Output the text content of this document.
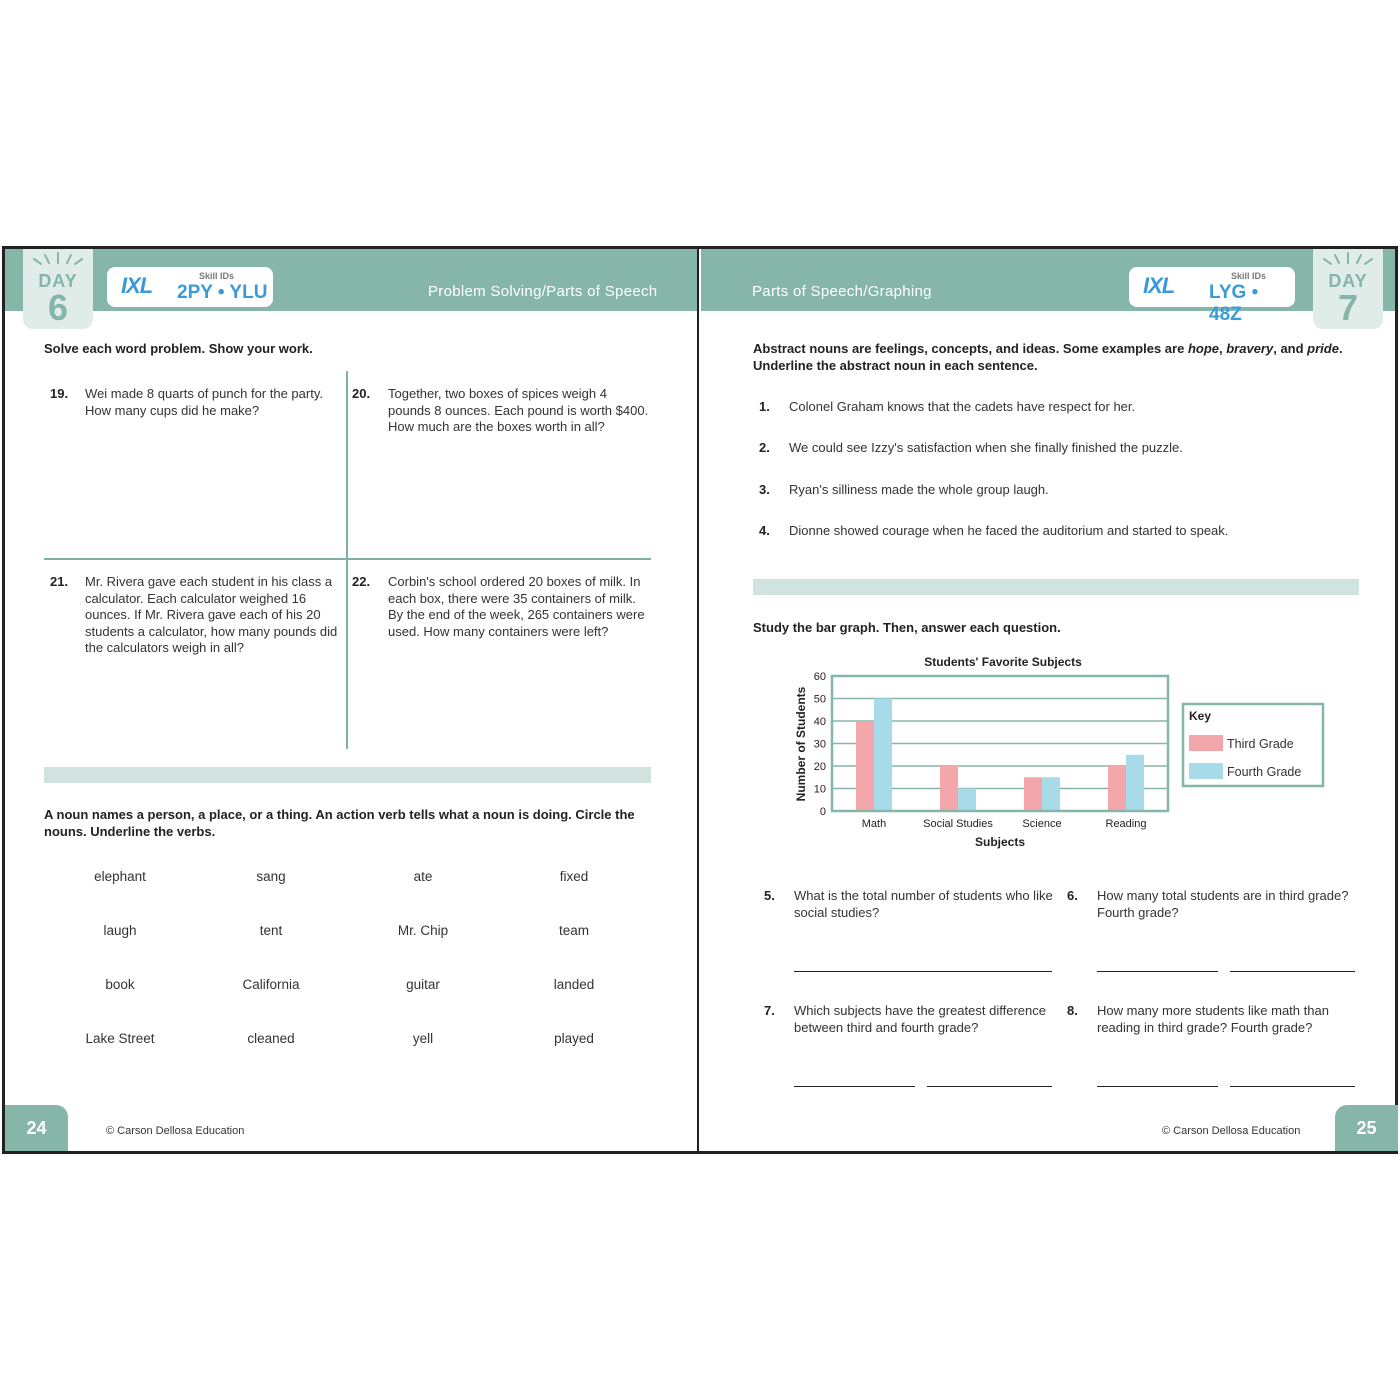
Problem Solving/Parts of Speech
DAY
6
IXL	Skill IDs
2PY • YLU
Solve each word problem. Show your work.
19. Wei made 8 quarts of punch for the party. How many cups did he make?
20. Together, two boxes of spices weigh 4 pounds 8 ounces. Each pound is worth $400. How much are the boxes worth in all?
21. Mr. Rivera gave each student in his class a calculator. Each calculator weighed 16 ounces. If Mr. Rivera gave each of his 20 students a calculator, how many pounds did the calculators weigh in all?
22. Corbin's school ordered 20 boxes of milk. In each box, there were 35 containers of milk. By the end of the week, 265 containers were used. How many containers were left?
A noun names a person, a place, or a thing. An action verb tells what a noun is doing. Circle the nouns. Underline the verbs.
elephant	sang	ate	fixed
laugh	tent	Mr. Chip	team
book	California	guitar	landed
Lake Street	cleaned	yell	played
24	© Carson Dellosa Education
Parts of Speech/Graphing	IXL	Skill IDs
LYG • 48Z
DAY
7
Abstract nouns are feelings, concepts, and ideas. Some examples are hope, bravery, and pride. Underline the abstract noun in each sentence.
1. Colonel Graham knows that the cadets have respect for her.
2. We could see Izzy's satisfaction when she finally finished the puzzle.
3. Ryan's silliness made the whole group laugh.
4. Dionne showed courage when he faced the auditorium and started to speak.
Study the bar graph. Then, answer each question.
Students' Favorite Subjects
0
10
20
30
40
50
60
Math	Social Studies	Science	Reading
Number of Students
Subjects
Key
Third Grade
Fourth Grade
5. What is the total number of students who like social studies?
6. How many total students are in third grade? Fourth grade?
7. Which subjects have the greatest difference between third and fourth grade?
8. How many more students like math than reading in third grade? Fourth grade?
© Carson Dellosa Education	25
